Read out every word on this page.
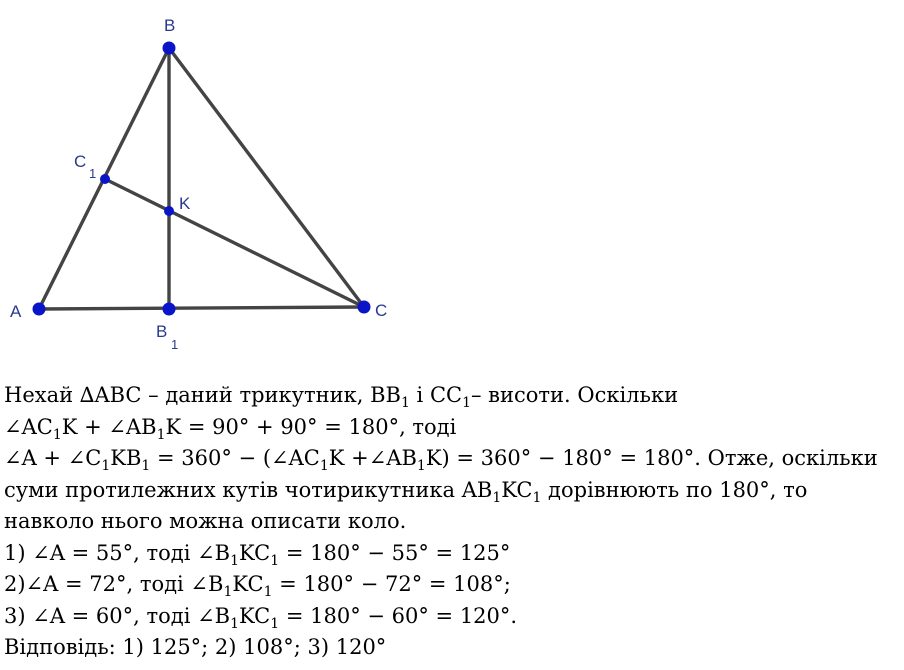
B
A	C
K
C
1
B
1
Нехай ∆ABC – даний трикутник, $BB_1$ і $CC_1-$ висоти. Оскільки
$\angle AC_1K$ + $\angle AB_1K = 90^\circ + 90^\circ = 180^\circ$, тоді
∠A + $\angle C_1KB_1 = 360^\circ$ − ($\angle AC_1K$ $+\angle AB_1K) = 360^\circ - 180^\circ = 180^\circ$. Отже, оскільки
суми протилежних кутів чотирикутника $AB_1KC_1$ дорівнюють по 180°, то
навколо нього можна описати коло.
1) ∠A = 55°, тоді $\angle B_1KC_1 = 180^\circ - 55^\circ = 125^\circ$
2)∠A = 72°, тоді $\angle B_1KC_1 = 180^\circ - 72^\circ = 108^\circ$;
3) ∠A = 60°, тоді $\angle B_1KC_1 = 180^\circ - 60^\circ = 120^\circ$.
Відповідь: 1) 125°; 2) 108°; 3) 120°
